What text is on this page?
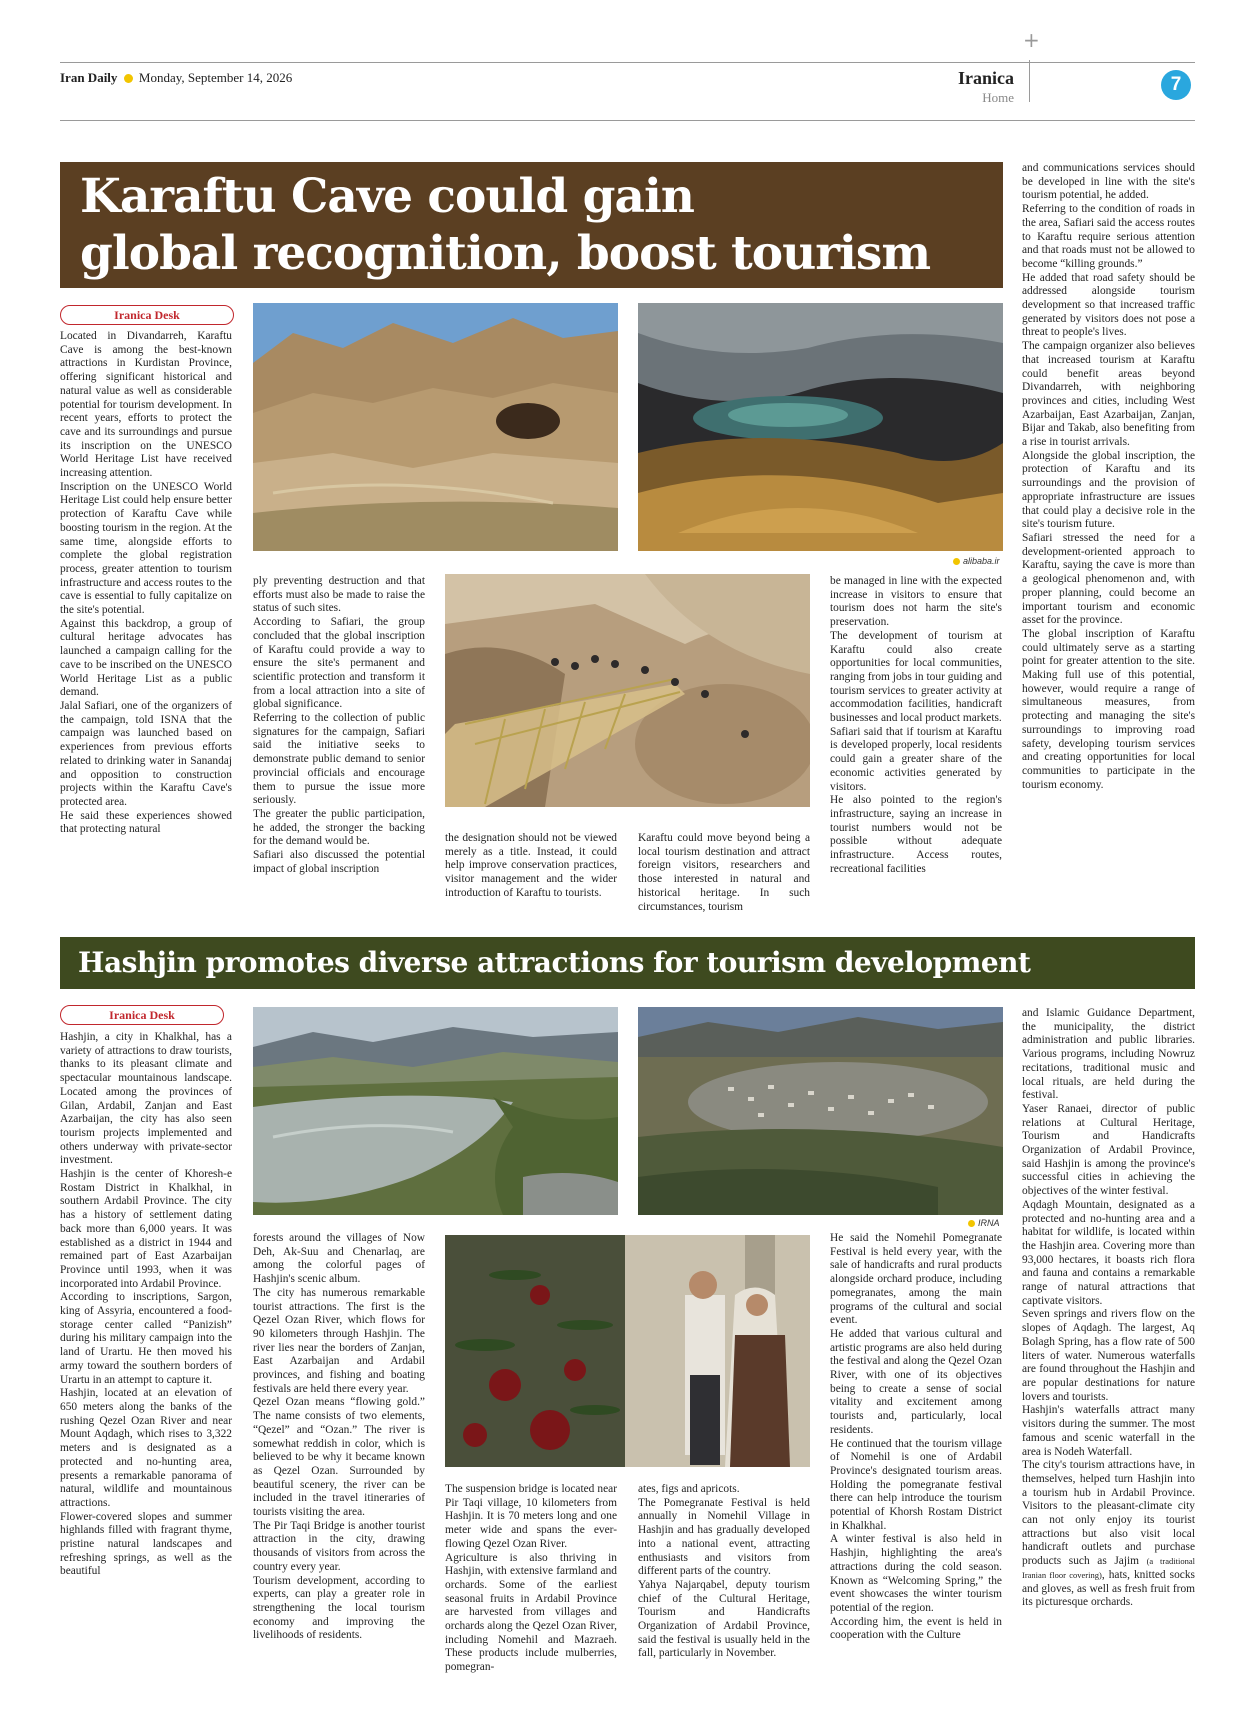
+
Iran Daily Monday, September 14, 2026	Iranica
Home
7
Karaftu Cave could gain
global recognition, boost tourism
Iranica Desk
alibaba.ir

Located in Divandarreh, Karaftu Cave is among the best-known attractions in Kurdistan Province, offering significant historical and natural value as well as considerable potential for tourism development. In recent years, efforts to protect the cave and its surroundings and pursue its inscription on the UNESCO World Heritage List have received increasing attention.

Inscription on the UNESCO World Heritage List could help ensure better protection of Karaftu Cave while boosting tourism in the region. At the same time, alongside efforts to complete the global registration process, greater attention to tourism infrastructure and access routes to the cave is essential to fully capitalize on the site's potential.

Against this backdrop, a group of cultural heritage advocates has launched a campaign calling for the cave to be inscribed on the UNESCO World Heritage List as a public demand.

Jalal Safiari, one of the organizers of the campaign, told ISNA that the campaign was launched based on experiences from previous efforts related to drinking water in Sanandaj and opposition to construction projects within the Karaftu Cave's protected area.

He said these experiences showed that protecting natural

ply preventing destruction and that efforts must also be made to raise the status of such sites.

According to Safiari, the group concluded that the global inscription of Karaftu could provide a way to ensure the site's permanent and scientific protection and transform it from a local attraction into a site of global significance.

Referring to the collection of public signatures for the campaign, Safiari said the initiative seeks to demonstrate public demand to senior provincial officials and encourage them to pursue the issue more seriously.

The greater the public participation, he added, the stronger the backing for the demand would be.

Safiari also discussed the potential impact of global inscription

the designation should not be viewed merely as a title. Instead, it could help improve conservation practices, visitor management and the wider introduction of Karaftu to tourists.

Karaftu could move beyond being a local tourism destination and attract foreign visitors, researchers and those interested in natural and historical heritage. In such circumstances, tourism

be managed in line with the expected increase in visitors to ensure that tourism does not harm the site's preservation.

The development of tourism at Karaftu could also create opportunities for local communities, ranging from jobs in tour guiding and tourism services to greater activity at accommodation facilities, handicraft businesses and local product markets.

Safiari said that if tourism at Karaftu is developed properly, local residents could gain a greater share of the economic activities generated by visitors.

He also pointed to the region's infrastructure, saying an increase in tourist numbers would not be possible without adequate infrastructure. Access routes, recreational facilities

and communications services should be developed in line with the site's tourism potential, he added.

Referring to the condition of roads in the area, Safiari said the access routes to Karaftu require serious attention and that roads must not be allowed to become “killing grounds.”

He added that road safety should be addressed alongside tourism development so that increased traffic generated by visitors does not pose a threat to people's lives.

The campaign organizer also believes that increased tourism at Karaftu could benefit areas beyond Divandarreh, with neighboring provinces and cities, including West Azarbaijan, East Azarbaijan, Zanjan, Bijar and Takab, also benefiting from a rise in tourist arrivals.

Alongside the global inscription, the protection of Karaftu and its surroundings and the provision of appropriate infrastructure are issues that could play a decisive role in the site's tourism future.

Safiari stressed the need for a development-oriented approach to Karaftu, saying the cave is more than a geological phenomenon and, with proper planning, could become an important tourism and economic asset for the province.

The global inscription of Karaftu could ultimately serve as a starting point for greater attention to the site. Making full use of this potential, however, would require a range of simultaneous measures, from protecting and managing the site's surroundings to improving road safety, developing tourism services and creating opportunities for local communities to participate in the tourism economy.

Hashjin promotes diverse attractions for tourism development
Iranica Desk
IRNA

Hashjin, a city in Khalkhal, has a variety of attractions to draw tourists, thanks to its pleasant climate and spectacular mountainous landscape. Located among the provinces of Gilan, Ardabil, Zanjan and East Azarbaijan, the city has also seen tourism projects implemented and others underway with private-sector investment.

Hashjin is the center of Khoresh-e Rostam District in Khalkhal, in southern Ardabil Province. The city has a history of settlement dating back more than 6,000 years. It was established as a district in 1944 and remained part of East Azarbaijan Province until 1993, when it was incorporated into Ardabil Province.

According to inscriptions, Sargon, king of Assyria, encountered a food-storage center called “Panizish” during his military campaign into the land of Urartu. He then moved his army toward the southern borders of Urartu in an attempt to capture it.

Hashjin, located at an elevation of 650 meters along the banks of the rushing Qezel Ozan River and near Mount Aqdagh, which rises to 3,322 meters and is designated as a protected and no-hunting area, presents a remarkable panorama of natural, wildlife and mountainous attractions.

Flower-covered slopes and summer highlands filled with fragrant thyme, pristine natural landscapes and refreshing springs, as well as the beautiful

forests around the villages of Now Deh, Ak-Suu and Chenarlaq, are among the colorful pages of Hashjin's scenic album.

The city has numerous remarkable tourist attractions. The first is the Qezel Ozan River, which flows for 90 kilometers through Hashjin. The river lies near the borders of Zanjan, East Azarbaijan and Ardabil provinces, and fishing and boating festivals are held there every year.

Qezel Ozan means “flowing gold.” The name consists of two elements, “Qezel” and “Ozan.” The river is somewhat reddish in color, which is believed to be why it became known as Qezel Ozan. Surrounded by beautiful scenery, the river can be included in the travel itineraries of tourists visiting the area.

The Pir Taqi Bridge is another tourist attraction in the city, drawing thousands of visitors from across the country every year.

Tourism development, according to experts, can play a greater role in strengthening the local tourism economy and improving the livelihoods of residents.

The suspension bridge is located near Pir Taqi village, 10 kilometers from Hashjin. It is 70 meters long and one meter wide and spans the ever-flowing Qezel Ozan River.

Agriculture is also thriving in Hashjin, with extensive farmland and orchards. Some of the earliest seasonal fruits in Ardabil Province are harvested from villages and orchards along the Qezel Ozan River, including Nomehil and Mazraeh. These products include mulberries, pomegran-

ates, figs and apricots.

The Pomegranate Festival is held annually in Nomehil Village in Hashjin and has gradually developed into a national event, attracting enthusiasts and visitors from different parts of the country.

Yahya Najarqabel, deputy tourism chief of the Cultural Heritage, Tourism and Handicrafts Organization of Ardabil Province, said the festival is usually held in the fall, particularly in November.

He said the Nomehil Pomegranate Festival is held every year, with the sale of handicrafts and rural products alongside orchard produce, including pomegranates, among the main programs of the cultural and social event.

He added that various cultural and artistic programs are also held during the festival and along the Qezel Ozan River, with one of its objectives being to create a sense of social vitality and excitement among tourists and, particularly, local residents.

He continued that the tourism village of Nomehil is one of Ardabil Province's designated tourism areas. Holding the pomegranate festival there can help introduce the tourism potential of Khorsh Rostam District in Khalkhal.

A winter festival is also held in Hashjin, highlighting the area's attractions during the cold season. Known as “Welcoming Spring,” the event showcases the winter tourism potential of the region.

According him, the event is held in cooperation with the Culture

and Islamic Guidance Department, the municipality, the district administration and public libraries. Various programs, including Nowruz recitations, traditional music and local rituals, are held during the festival.

Yaser Ranaei, director of public relations at Cultural Heritage, Tourism and Handicrafts Organization of Ardabil Province, said Hashjin is among the province's successful cities in achieving the objectives of the winter festival.

Aqdagh Mountain, designated as a protected and no-hunting area and a habitat for wildlife, is located within the Hashjin area. Covering more than 93,000 hectares, it boasts rich flora and fauna and contains a remarkable range of natural attractions that captivate visitors.

Seven springs and rivers flow on the slopes of Aqdagh. The largest, Aq Bolagh Spring, has a flow rate of 500 liters of water. Numerous waterfalls are found throughout the Hashjin and are popular destinations for nature lovers and tourists.

Hashjin's waterfalls attract many visitors during the summer. The most famous and scenic waterfall in the area is Nodeh Waterfall.

The city's tourism attractions have, in themselves, helped turn Hashjin into a tourism hub in Ardabil Province. Visitors to the pleasant-climate city can not only enjoy its tourist attractions but also visit local handicraft outlets and purchase products such as Jajim (a traditional Iranian floor covering), hats, knitted socks and gloves, as well as fresh fruit from its picturesque orchards.
